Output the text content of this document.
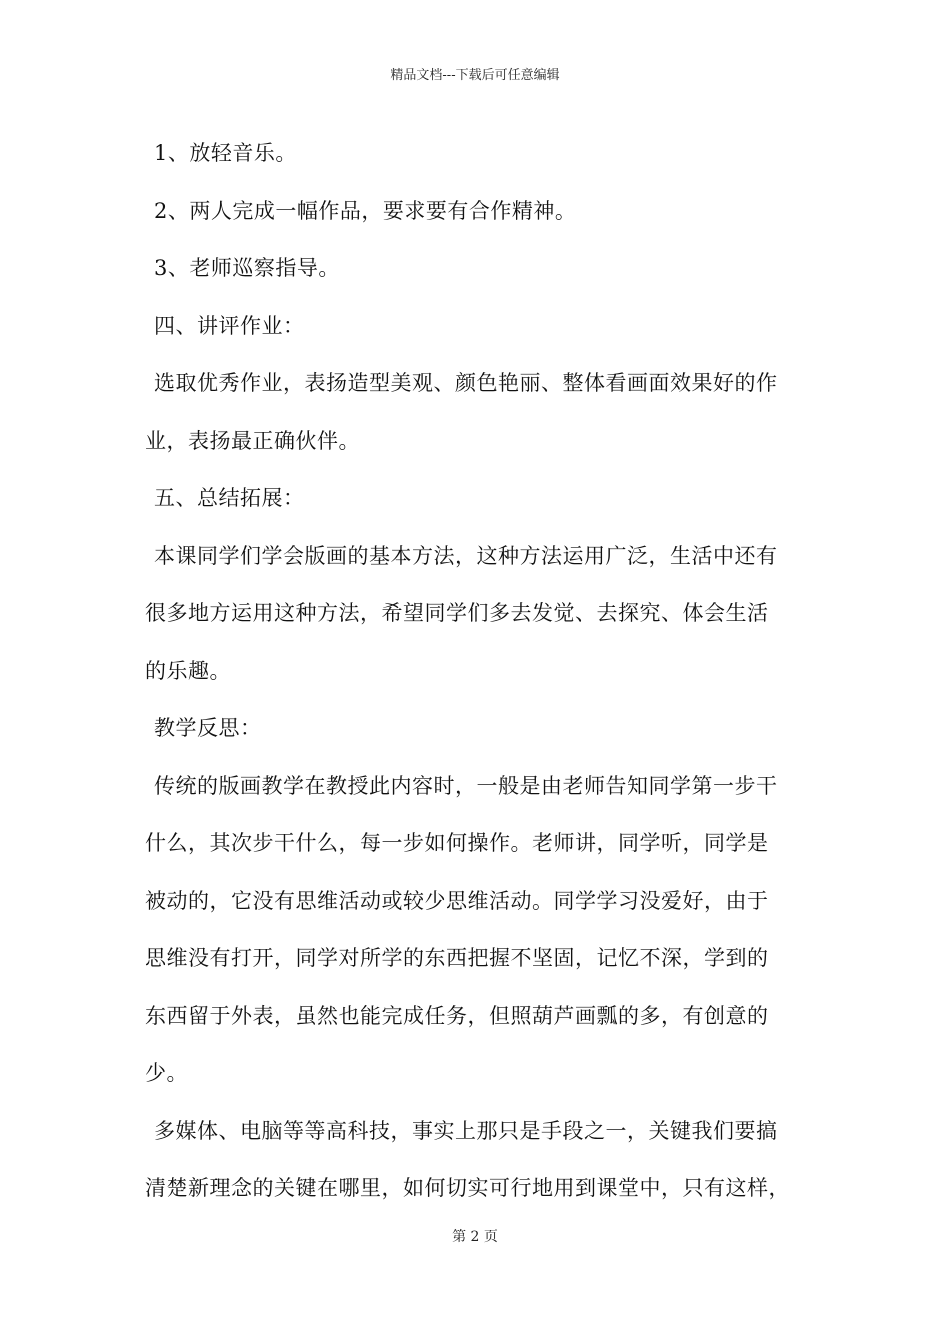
精品文档---下载后可任意编辑
1、放轻音乐。
2、两人完成一幅作品，要求要有合作精神。
3、老师巡察指导。
四、讲评作业：
选取优秀作业，表扬造型美观、颜色艳丽、整体看画面效果好的作
业，表扬最正确伙伴。
五、总结拓展：
本课同学们学会版画的基本方法，这种方法运用广泛，生活中还有
很多地方运用这种方法，希望同学们多去发觉、去探究、体会生活
的乐趣。
教学反思：
传统的版画教学在教授此内容时，一般是由老师告知同学第一步干
什么，其次步干什么，每一步如何操作。老师讲，同学听，同学是
被动的，它没有思维活动或较少思维活动。同学学习没爱好，由于
思维没有打开，同学对所学的东西把握不坚固，记忆不深，学到的
东西留于外表，虽然也能完成任务，但照葫芦画瓢的多，有创意的
少。
多媒体、电脑等等高科技，事实上那只是手段之一，关键我们要搞
清楚新理念的关键在哪里，如何切实可行地用到课堂中，只有这样，
第 2 页
